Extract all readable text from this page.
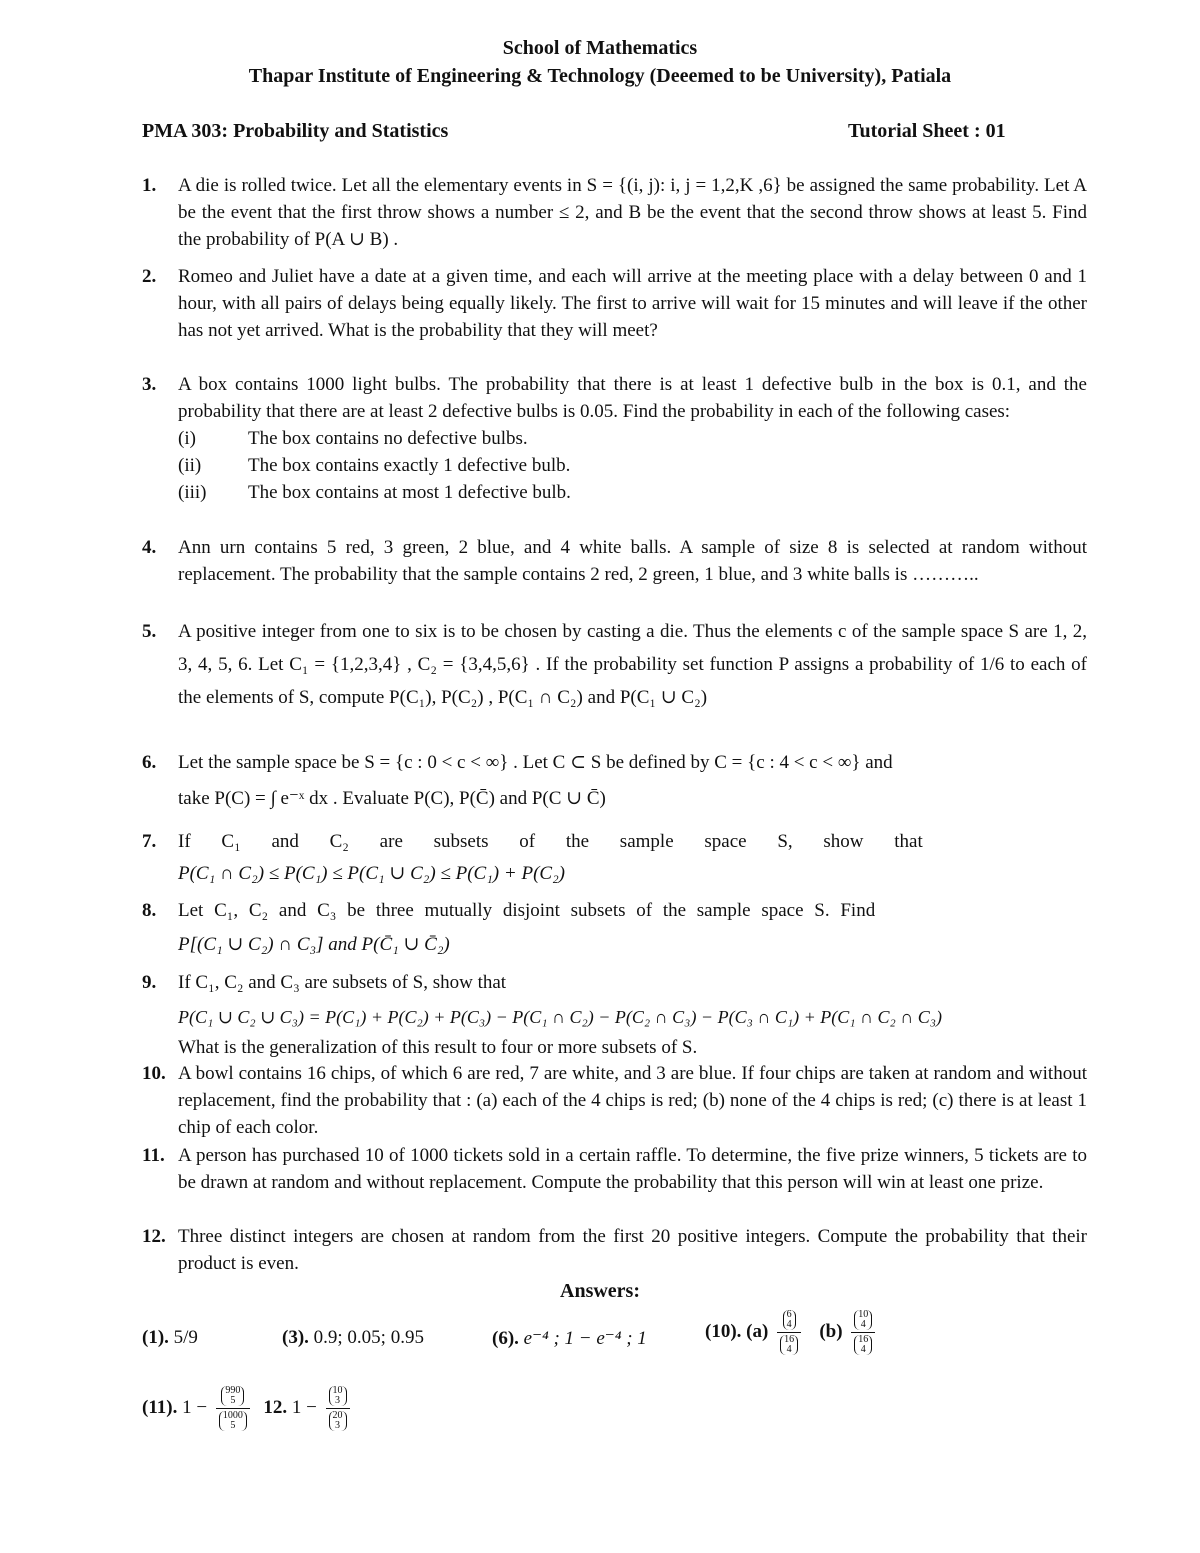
School of Mathematics
Thapar Institute of Engineering & Technology (Deeemed to be University), Patiala
PMA 303: Probability and Statistics	Tutorial Sheet : 01
1. A die is rolled twice. Let all the elementary events in S = {(i, j): i, j = 1,2,K ,6} be assigned the same probability. Let A be the event that the first throw shows a number ≤ 2, and B be the event that the second throw shows at least 5. Find the probability of P(A ∪ B) .
2. Romeo and Juliet have a date at a given time, and each will arrive at the meeting place with a delay between 0 and 1 hour, with all pairs of delays being equally likely. The first to arrive will wait for 15 minutes and will leave if the other has not yet arrived. What is the probability that they will meet?
3. A box contains 1000 light bulbs. The probability that there is at least 1 defective bulb in the box is 0.1, and the probability that there are at least 2 defective bulbs is 0.05. Find the probability in each of the following cases:
(i)	The box contains no defective bulbs.
(ii) The box contains exactly 1 defective bulb.
(iii) The box contains at most 1 defective bulb.
4. Ann urn contains 5 red, 3 green, 2 blue, and 4 white balls. A sample of size 8 is selected at random without replacement. The probability that the sample contains 2 red, 2 green, 1 blue, and 3 white balls is ………..
5. A positive integer from one to six is to be chosen by casting a die. Thus the elements c of the sample space S are 1, 2, 3, 4, 5, 6. Let C₁ = {1,2,3,4} , C₂ = {3,4,5,6} . If the probability set function P assigns a probability of 1/6 to each of the elements of S, compute P(C₁), P(C₂) , P(C₁ ∩ C₂) and P(C₁ ∪ C₂)
6. Let the sample space be S = {c : 0 < c < ∞} . Let C ⊂ S be defined by C = {c : 4 < c < ∞} and
take P(C) = ∫ e⁻ˣ dx . Evaluate P(C), P(C̄) and P(C ∪ C̄)
7. If C₁ and C₂ are subsets of the sample space S, show that
P(C₁ ∩ C₂) ≤ P(C₁) ≤ P(C₁ ∪ C₂) ≤ P(C₁) + P(C₂)
8. Let C₁, C₂ and C₃ be three mutually disjoint subsets of the sample space S. Find
P[(C₁ ∪ C₂) ∩ C₃] and P(C̄₁ ∪ C̄₂)
9. If C₁, C₂ and C₃ are subsets of S, show that
P(C₁ ∪ C₂ ∪ C₃) = P(C₁) + P(C₂) + P(C₃) − P(C₁ ∩ C₂) − P(C₂ ∩ C₃) − P(C₃ ∩ C₁) + P(C₁ ∩ C₂ ∩ C₃)
What is the generalization of this result to four or more subsets of S.
10. A bowl contains 16 chips, of which 6 are red, 7 are white, and 3 are blue. If four chips are taken at random and without replacement, find the probability that : (a) each of the 4 chips is red; (b) none of the 4 chips is red; (c) there is at least 1 chip of each color.
11. A person has purchased 10 of 1000 tickets sold in a certain raffle. To determine, the five prize winners, 5 tickets are to be drawn at random and without replacement. Compute the probability that this person will win at least one prize.
12. Three distinct integers are chosen at random from the first 20 positive integers. Compute the probability that their product is even.
Answers:
(1). 5/9	(3). 0.9; 0.05; 0.95	(6). e⁻⁴ ; 1 − e⁻⁴ ; 1	(10). (a) 6
4
16
4 (b) 10
4
16
4
(11). 1 − 990
5
1000
5 12. 1 − 10
3
20
3
